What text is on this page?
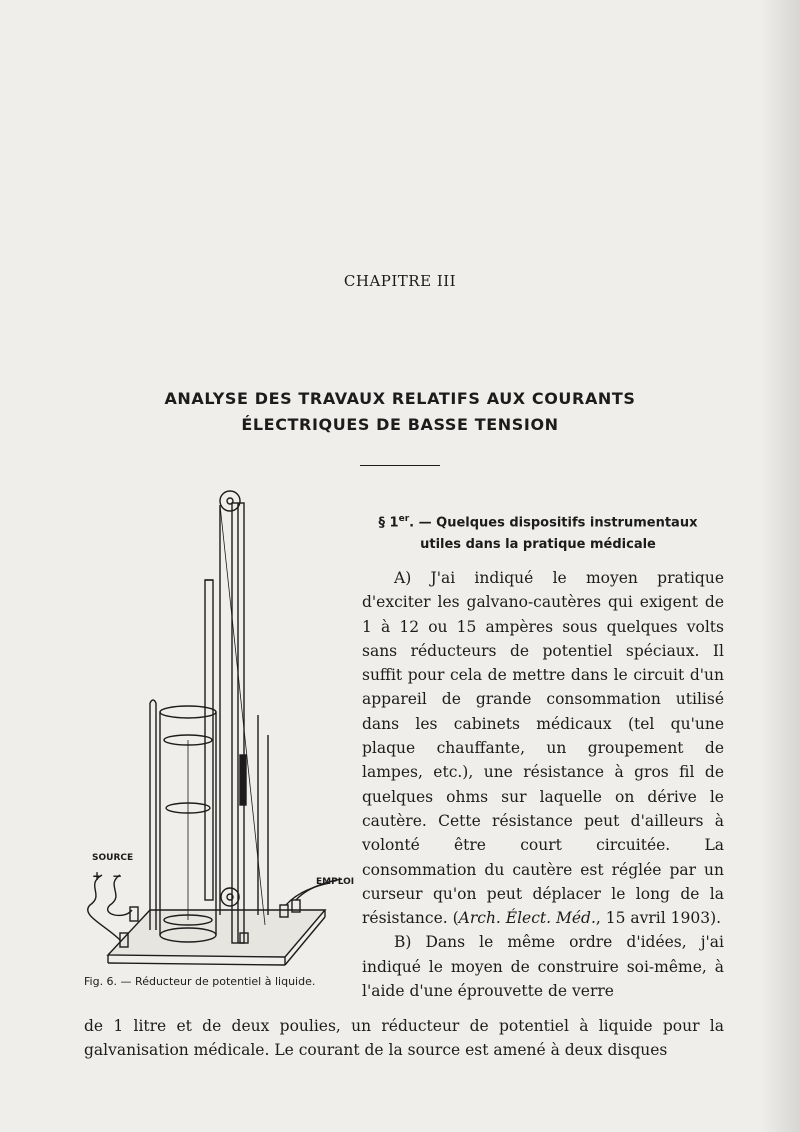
CHAPITRE III
ANALYSE DES TRAVAUX RELATIFS AUX COURANTS
ÉLECTRIQUES DE BASSE TENSION
§ 1er. — Quelques dispositifs instrumentaux
utiles dans la pratique médicale

A) J'ai indiqué le moyen pratique d'exciter les galvano-cautères qui exigent de 1 à 12 ou 15 ampères sous quelques volts sans réducteurs de potentiel spéciaux. Il suffit pour cela de mettre dans le circuit d'un appareil de grande consommation utilisé dans les cabinets médicaux (tel qu'une plaque chauffante, un groupement de lampes, etc.), une résistance à gros fil de quelques ohms sur laquelle on dérive le cautère. Cette résistance peut d'ailleurs à volonté être court circuitée. La consommation du cautère est réglée par un curseur qu'on peut déplacer le long de la résistance. (Arch. Élect. Méd., 15 avril 1903).

B) Dans le même ordre d'idées, j'ai indiqué le moyen de construire soi-même, à l'aide d'une éprouvette de verre

de 1 litre et de deux poulies, un réducteur de potentiel à liquide pour la galvanisation médicale. Le courant de la source est amené à deux disques
SOURCE
EMPLOI
+ −
Fig. 6. — Réducteur de potentiel à liquide.
